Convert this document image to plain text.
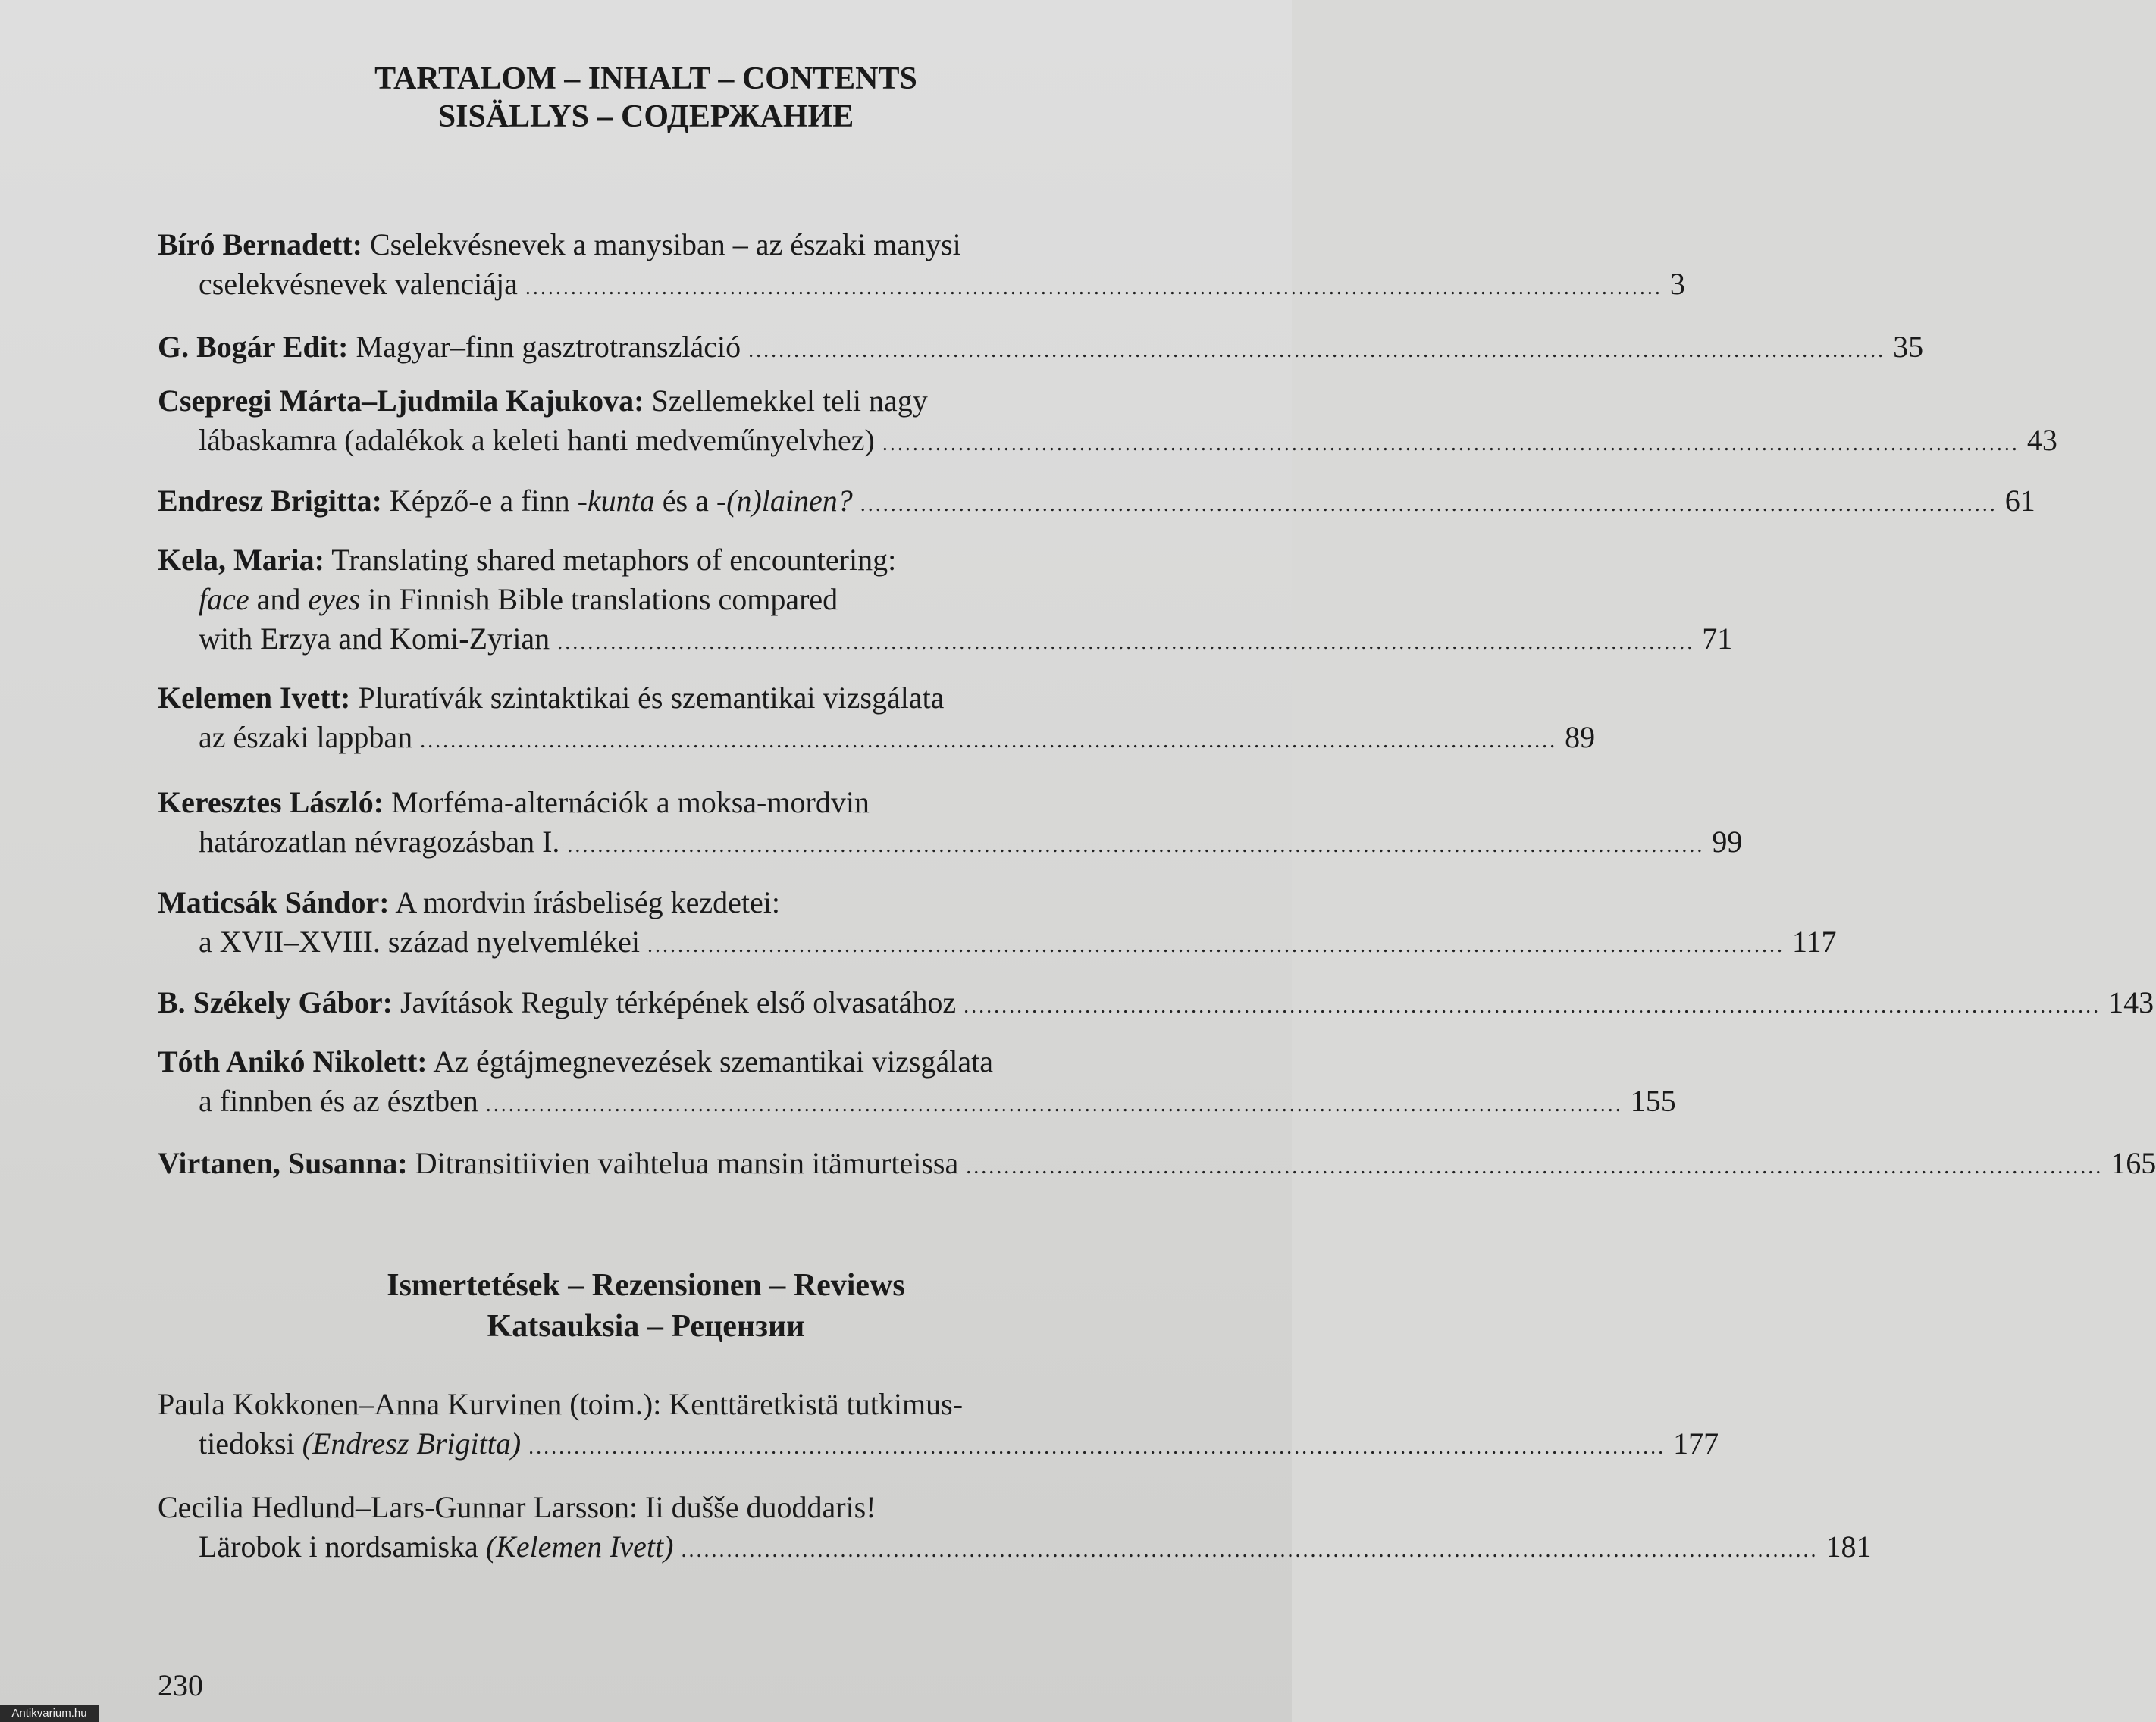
TARTALOM – INHALT – CONTENTS
SISÄLLYS – СОДЕРЖАНИЕ
Bíró Bernadett: Cselekvésnevek a manysiban – az északi manysi
cselekvésnevek valenciája ...................................................................................................................................................... 3
G. Bogár Edit: Magyar–finn gasztrotranszláció ...................................................................................................................................................... 35
Csepregi Márta–Ljudmila Kajukova: Szellemekkel teli nagy
lábaskamra (adalékok a keleti hanti medveműnyelvhez) ...................................................................................................................................................... 43
Endresz Brigitta: Képző-e a finn -kunta és a -(n)lainen? ...................................................................................................................................................... 61
Kela, Maria: Translating shared metaphors of encountering:
face and eyes in Finnish Bible translations compared
with Erzya and Komi-Zyrian ...................................................................................................................................................... 71
Kelemen Ivett: Pluratívák szintaktikai és szemantikai vizsgálata
az északi lappban ...................................................................................................................................................... 89
Keresztes László: Morféma-alternációk a moksa-mordvin
határozatlan névragozásban I. ...................................................................................................................................................... 99
Maticsák Sándor: A mordvin írásbeliség kezdetei:
a XVII–XVIII. század nyelvemlékei ...................................................................................................................................................... 117
B. Székely Gábor: Javítások Reguly térképének első olvasatához ...................................................................................................................................................... 143
Tóth Anikó Nikolett: Az égtájmegnevezések szemantikai vizsgálata
a finnben és az észtben ...................................................................................................................................................... 155
Virtanen, Susanna: Ditransitiivien vaihtelua mansin itämurteissa ...................................................................................................................................................... 165
Ismertetések – Rezensionen – Reviews
Katsauksia – Рецензии
Paula Kokkonen–Anna Kurvinen (toim.): Kenttäretkistä tutkimus-
tiedoksi (Endresz Brigitta) ...................................................................................................................................................... 177
Cecilia Hedlund–Lars-Gunnar Larsson: Ii dušše duoddaris!
Lärobok i nordsamiska (Kelemen Ivett) ...................................................................................................................................................... 181
230
Antikvarium.hu
